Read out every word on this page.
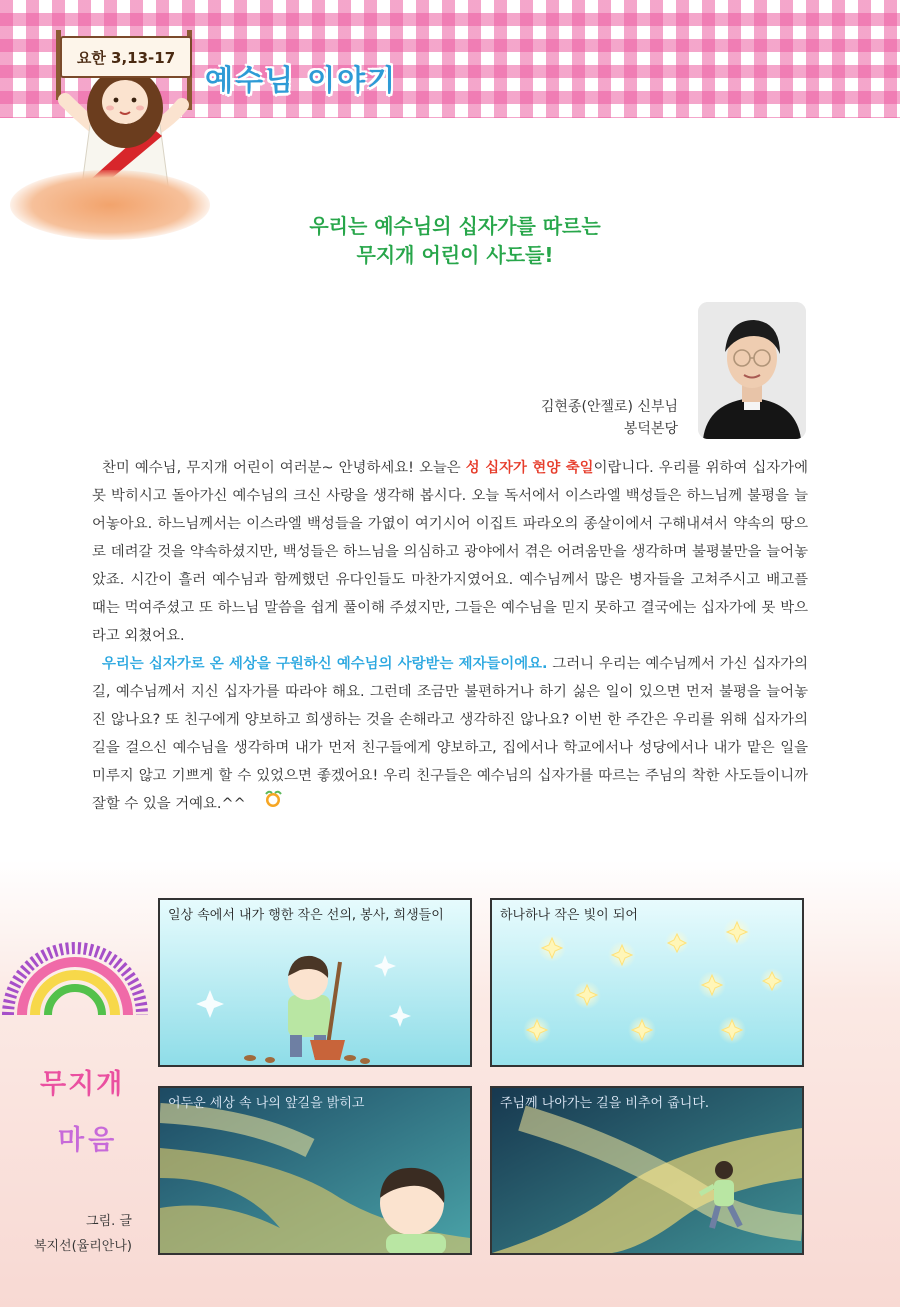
요한 3,13-17
예수님 이야기
우리는 예수님의 십자가를 따르는
무지개 어린이 사도들!
김현종(안젤로) 신부님
봉덕본당

찬미 예수님, 무지개 어린이 여러분~ 안녕하세요! 오늘은 성 십자가 현양 축일이랍니다. 우리를 위하여 십자가에 못 박히시고 돌아가신 예수님의 크신 사랑을 생각해 봅시다. 오늘 독서에서 이스라엘 백성들은 하느님께 불평을 늘어놓아요. 하느님께서는 이스라엘 백성들을 가엾이 여기시어 이집트 파라오의 종살이에서 구해내셔서 약속의 땅으로 데려갈 것을 약속하셨지만, 백성들은 하느님을 의심하고 광야에서 겪은 어려움만을 생각하며 불평불만을 늘어놓았죠. 시간이 흘러 예수님과 함께했던 유다인들도 마찬가지였어요. 예수님께서 많은 병자들을 고쳐주시고 배고플 때는 먹여주셨고 또 하느님 말씀을 쉽게 풀이해 주셨지만, 그들은 예수님을 믿지 못하고 결국에는 십자가에 못 박으라고 외쳤어요.

우리는 십자가로 온 세상을 구원하신 예수님의 사랑받는 제자들이에요. 그러니 우리는 예수님께서 가신 십자가의 길, 예수님께서 지신 십자가를 따라야 해요. 그런데 조금만 불편하거나 하기 싫은 일이 있으면 먼저 불평을 늘어놓진 않나요? 또 친구에게 양보하고 희생하는 것을 손해라고 생각하진 않나요? 이번 한 주간은 우리를 위해 십자가의 길을 걸으신 예수님을 생각하며 내가 먼저 친구들에게 양보하고, 집에서나 학교에서나 성당에서나 내가 맡은 일을 미루지 않고 기쁘게 할 수 있었으면 좋겠어요! 우리 친구들은 예수님의 십자가를 따르는 주님의 착한 사도들이니까 잘할 수 있을 거예요.^^

무지개
마음
그림. 글
복지선(율리안나)
일상 속에서 내가 행한 작은 선의, 봉사, 희생들이	하나하나 작은 빛이 되어
어두운 세상 속 나의 앞길을 밝히고	주님께 나아가는 길을 비추어 줍니다.
